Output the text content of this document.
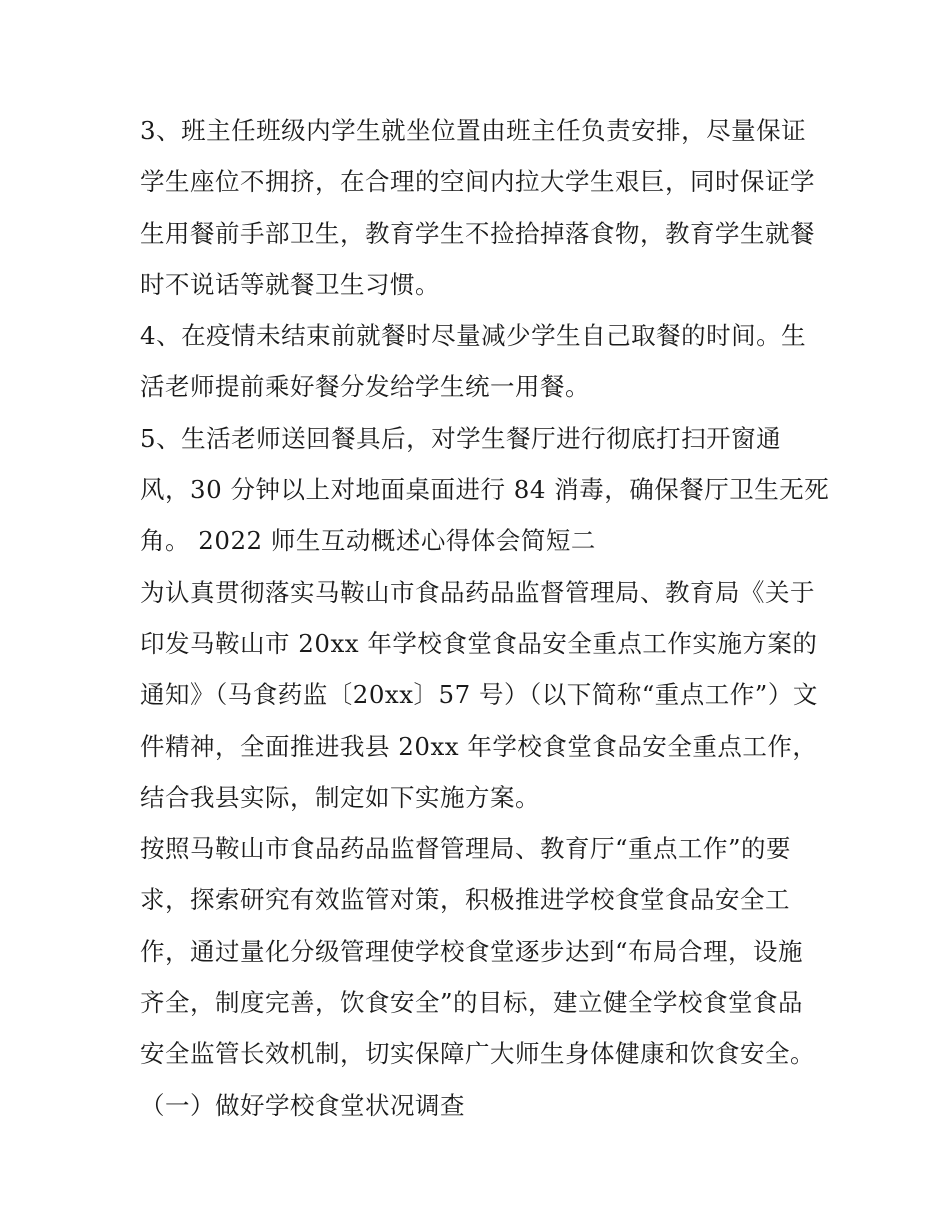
3、班主任班级内学生就坐位置由班主任负责安排，尽量保证
学生座位不拥挤，在合理的空间内拉大学生艰巨，同时保证学
生用餐前手部卫生，教育学生不捡拾掉落食物，教育学生就餐
时不说话等就餐卫生习惯。
4、在疫情未结束前就餐时尽量减少学生自己取餐的时间。生
活老师提前乘好餐分发给学生统一用餐。
5、生活老师送回餐具后，对学生餐厅进行彻底打扫开窗通
风，30 分钟以上对地面桌面进行 84 消毒，确保餐厅卫生无死
角。 2022 师生互动概述心得体会简短二
为认真贯彻落实马鞍山市食品药品监督管理局、教育局《关于
印发马鞍山市 20xx 年学校食堂食品安全重点工作实施方案的
通知》（马食药监〔20xx〕57 号）（以下简称“重点工作”）文
件精神，全面推进我县 20xx 年学校食堂食品安全重点工作，
结合我县实际，制定如下实施方案。
按照马鞍山市食品药品监督管理局、教育厅“重点工作”的要
求，探索研究有效监管对策，积极推进学校食堂食品安全工
作，通过量化分级管理使学校食堂逐步达到“布局合理，设施
齐全，制度完善，饮食安全”的目标，建立健全学校食堂食品
安全监管长效机制，切实保障广大师生身体健康和饮食安全。
（一）做好学校食堂状况调查
